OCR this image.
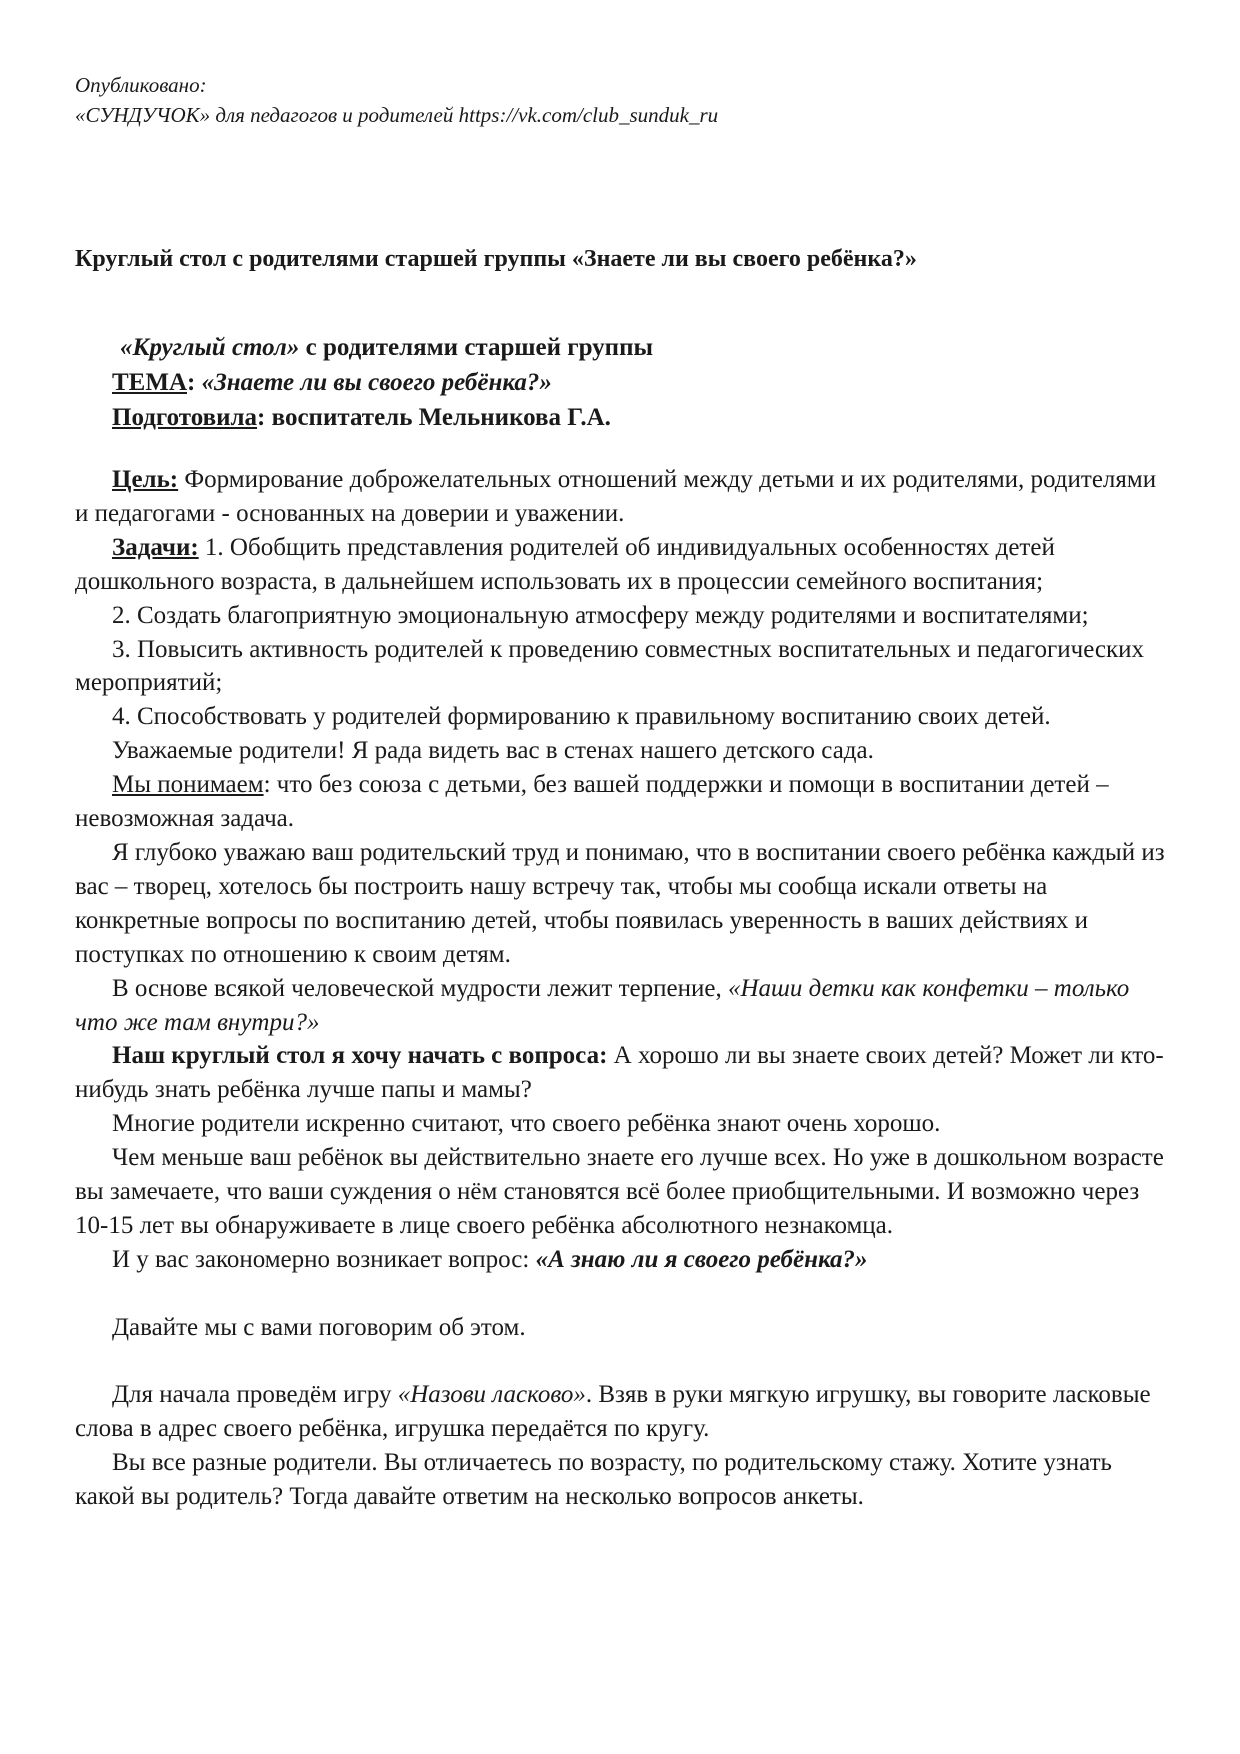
Опубликовано:
«СУНДУЧОК» для педагогов и родителей https://vk.com/club_sunduk_ru
Круглый стол с родителями старшей группы «Знаете ли вы своего ребёнка?»
«Круглый стол» с родителями старшей группы
ТЕМА: «Знаете ли вы своего ребёнка?»
Подготовила: воспитатель Мельникова Г.А.

Цель: Формирование доброжелательных отношений между детьми и их родителями, родителями и педагогами - основанных на доверии и уважении.

Задачи: 1. Обобщить представления родителей об индивидуальных особенностях детей дошкольного возраста, в дальнейшем использовать их в процессии семейного воспитания;

2. Создать благоприятную эмоциональную атмосферу между родителями и воспитателями;

3. Повысить активность родителей к проведению совместных воспитательных и педагогических мероприятий;

4. Способствовать у родителей формированию к правильному воспитанию своих детей.

Уважаемые родители! Я рада видеть вас в стенах нашего детского сада.

Мы понимаем: что без союза с детьми, без вашей поддержки и помощи в воспитании детей – невозможная задача.

Я глубоко уважаю ваш родительский труд и понимаю, что в воспитании своего ребёнка каждый из вас – творец, хотелось бы построить нашу встречу так, чтобы мы сообща искали ответы на конкретные вопросы по воспитанию детей, чтобы появилась уверенность в ваших действиях и поступках по отношению к своим детям.

В основе всякой человеческой мудрости лежит терпение, «Наши детки как конфетки – только что же там внутри?»

Наш круглый стол я хочу начать с вопроса: А хорошо ли вы знаете своих детей? Может ли кто-нибудь знать ребёнка лучше папы и мамы?

Многие родители искренно считают, что своего ребёнка знают очень хорошо.

Чем меньше ваш ребёнок вы действительно знаете его лучше всех. Но уже в дошкольном возрасте вы замечаете, что ваши суждения о нём становятся всё более приобщительными. И возможно через 10-15 лет вы обнаруживаете в лице своего ребёнка абсолютного незнакомца.

И у вас закономерно возникает вопрос: «А знаю ли я своего ребёнка?»

Давайте мы с вами поговорим об этом.

Для начала проведём игру «Назови ласково». Взяв в руки мягкую игрушку, вы говорите ласковые слова в адрес своего ребёнка, игрушка передаётся по кругу.

Вы все разные родители. Вы отличаетесь по возрасту, по родительскому стажу. Хотите узнать какой вы родитель? Тогда давайте ответим на несколько вопросов анкеты.
